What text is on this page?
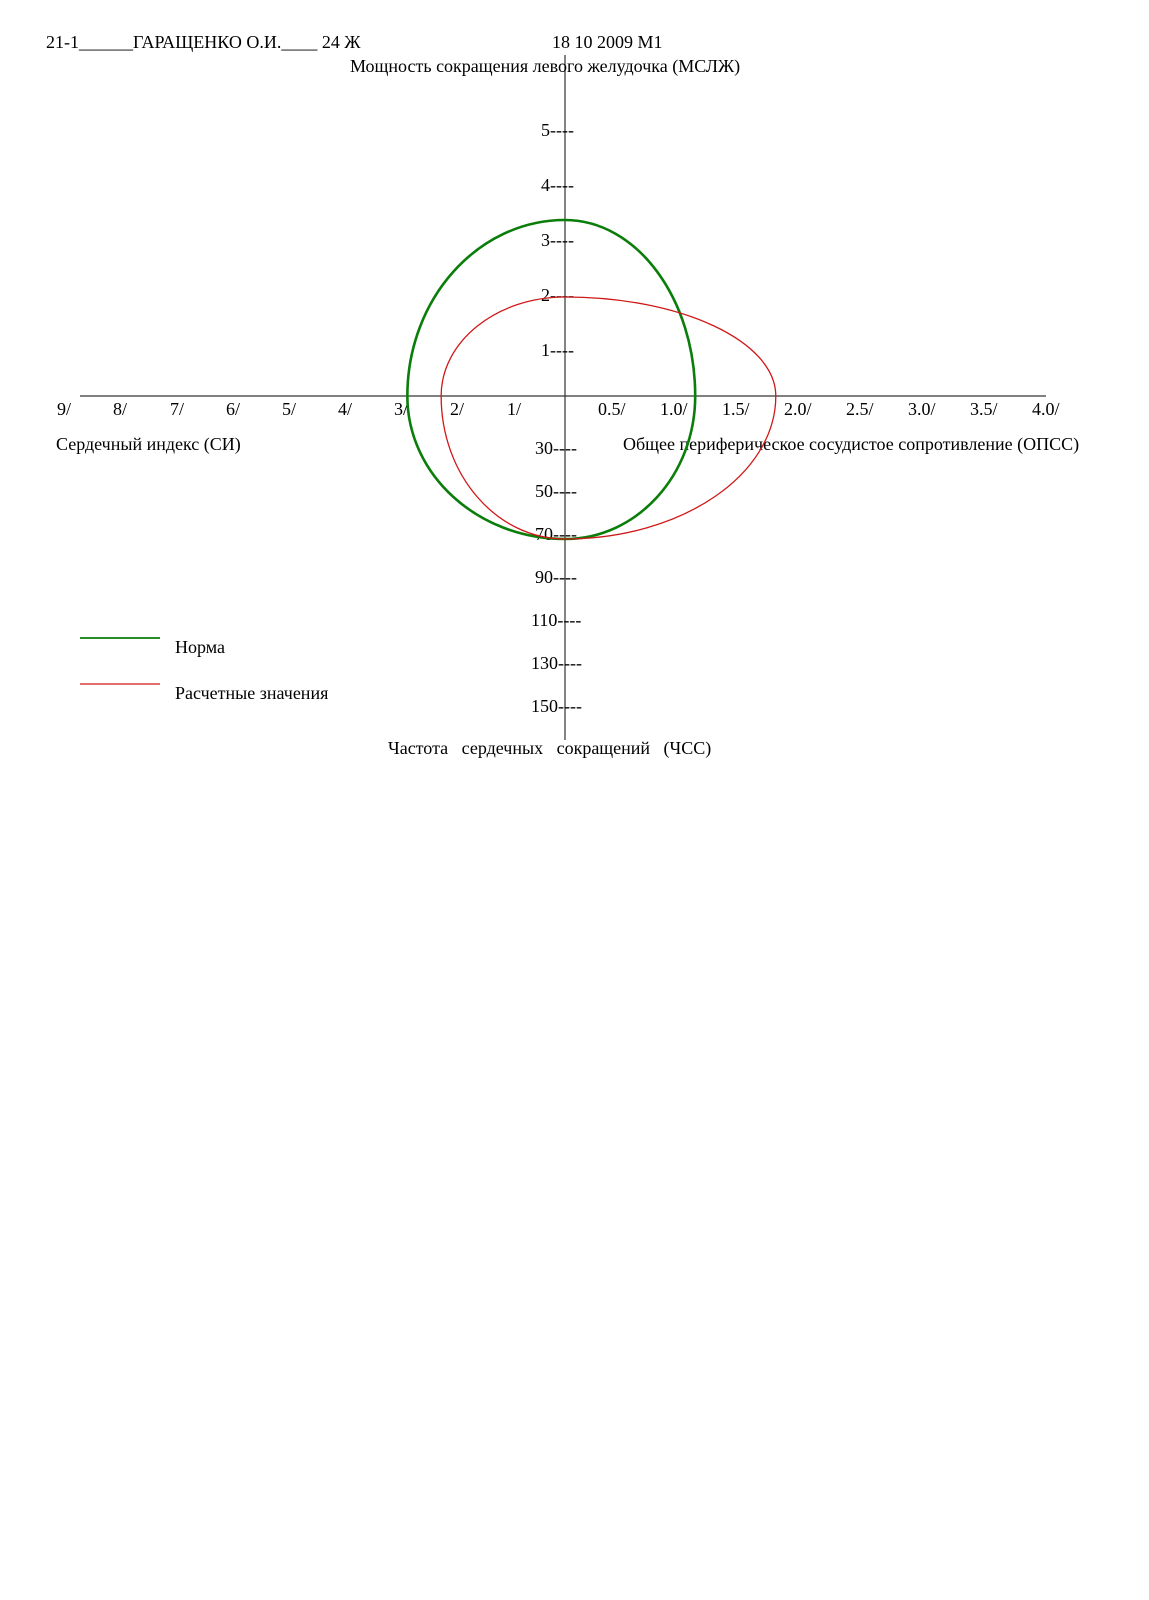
21-1______ГАРАЩЕНКО О.И.____ 24 Ж	18 10 2009 М1
Мощность сокращения левого желудочка (МСЛЖ)
Сердечный индекс (СИ)	Общее периферическое сосудистое сопротивление (ОПСС)
Частота   сердечных   сокращений   (ЧСС)
5----
4----
3----
2----
1----
9/ 8/ 7/ 6/ 5/ 4/ 3/ 2/ 1/	0.5/ 1.0/ 1.5/ 2.0/ 2.5/ 3.0/ 3.5/ 4.0/
30----
50----
70----
90----
110----
130----
150----
Норма
Расчетные значения
